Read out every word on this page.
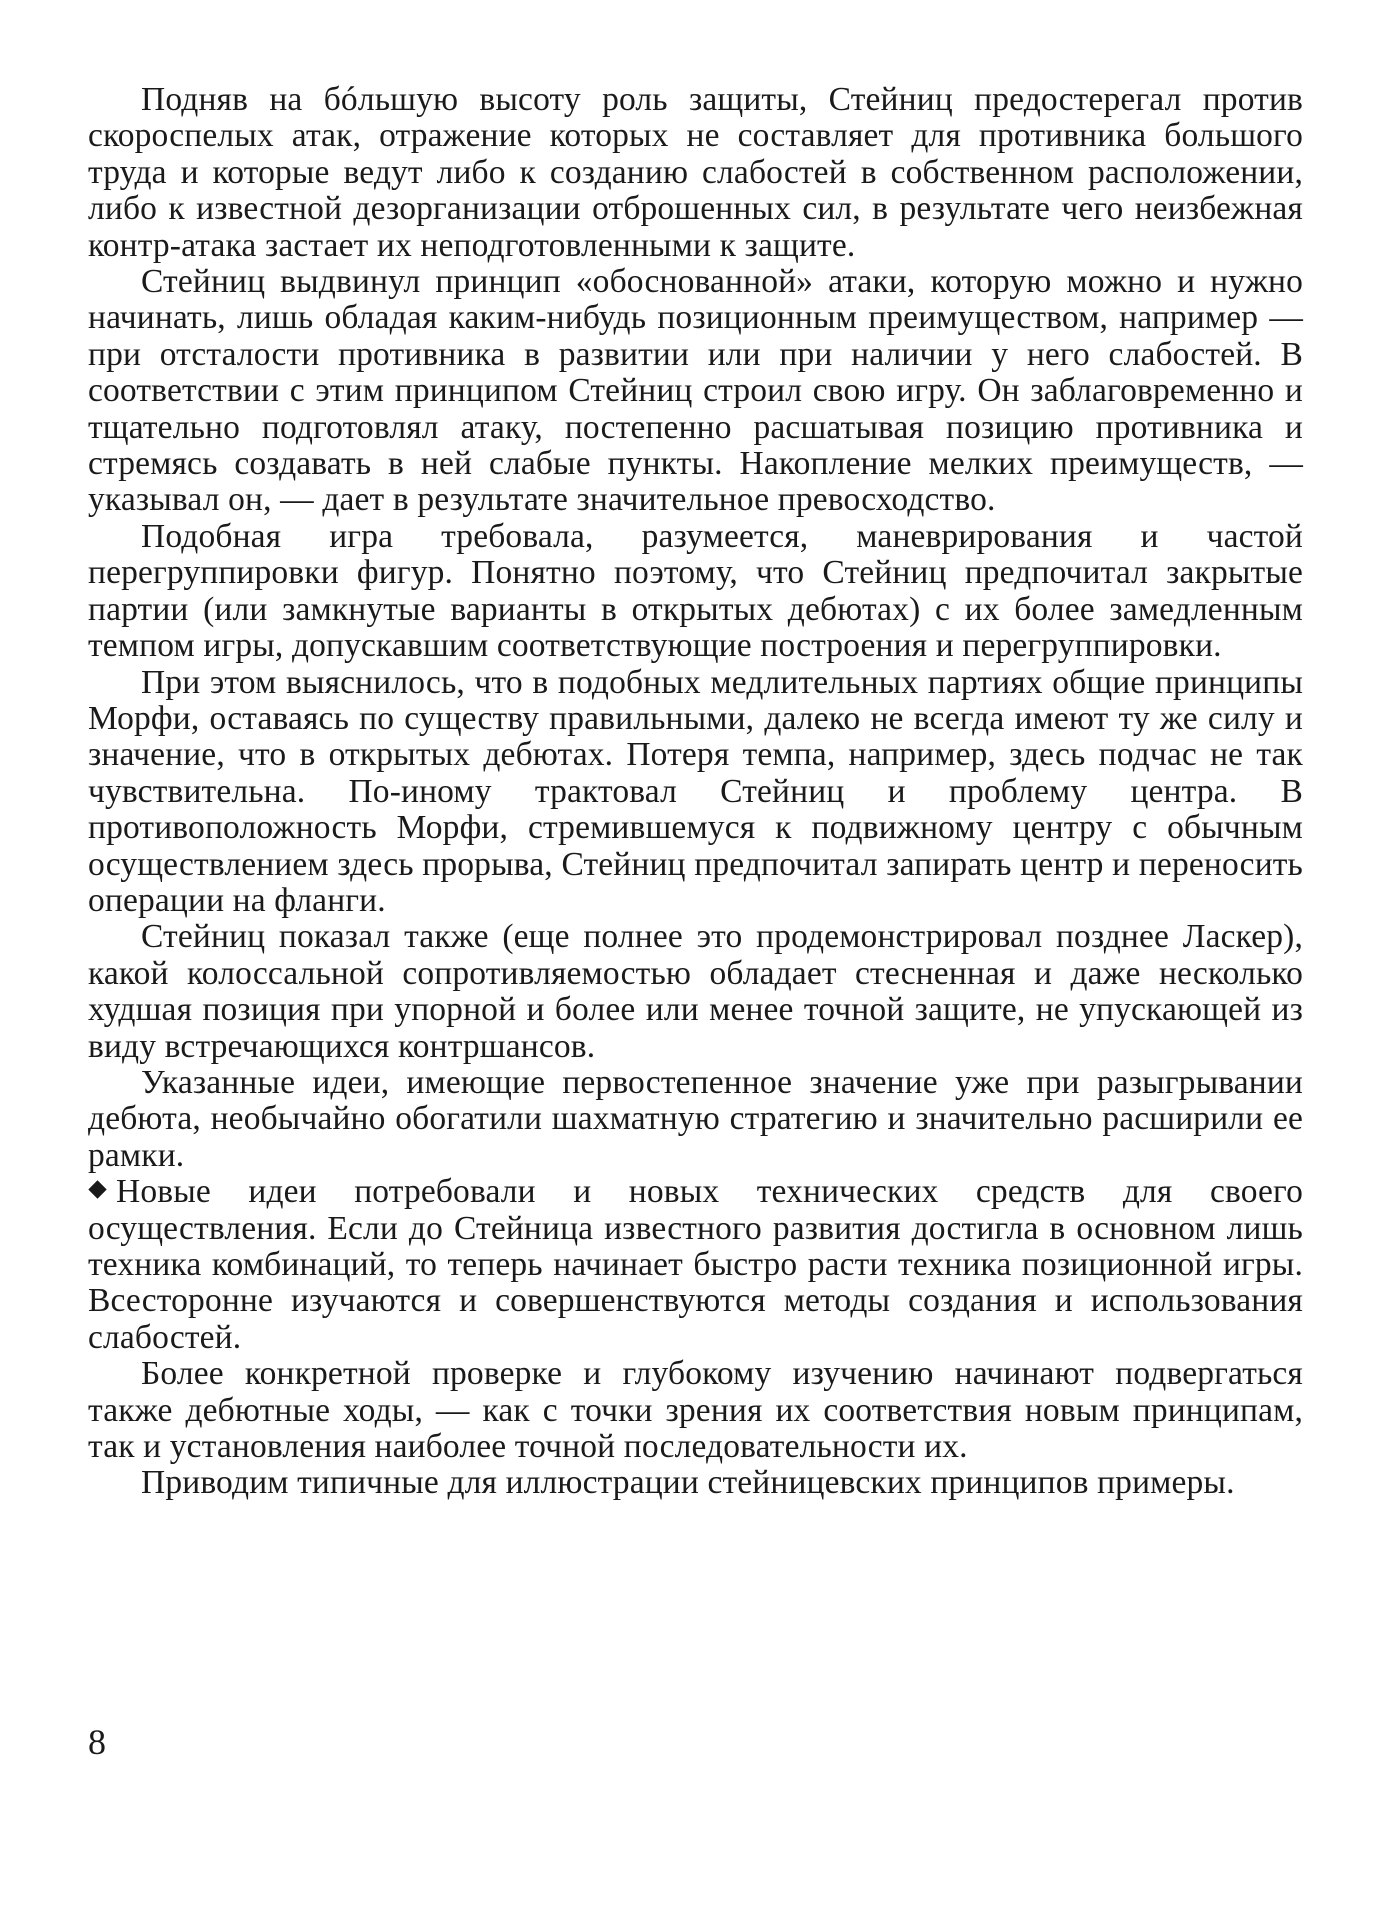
Подняв на бóльшую высоту роль защиты, Стейниц предостерегал против скороспелых атак, отражение которых не составляет для противника большого труда и которые ведут либо к созданию слабостей в собственном расположении, либо к известной дезорганизации отброшенных сил, в результате чего неизбежная контр-атака застает их неподготовленными к защите.

Стейниц выдвинул принцип «обоснованной» атаки, которую можно и нужно начинать, лишь обладая каким-нибудь позиционным преимуществом, например — при отсталости противника в развитии или при наличии у него слабостей. В соответствии с этим принципом Стейниц строил свою игру. Он заблаговременно и тщательно подготовлял атаку, постепенно расшатывая позицию противника и стремясь создавать в ней слабые пункты. Накопление мелких преимуществ, — указывал он, — дает в результате значительное превосходство.

Подобная игра требовала, разумеется, маневрирования и частой перегруппировки фигур. Понятно поэтому, что Стейниц предпочитал закрытые партии (или замкнутые варианты в открытых дебютах) с их более замедленным темпом игры, допускавшим соответствующие построения и перегруппировки.

При этом выяснилось, что в подобных медлительных партиях общие принципы Морфи, оставаясь по существу правильными, далеко не всегда имеют ту же силу и значение, что в открытых дебютах. Потеря темпа, например, здесь подчас не так чувствительна. По-иному трактовал Стейниц и проблему центра. В противоположность Морфи, стремившемуся к подвижному центру с обычным осуществлением здесь прорыва, Стейниц предпочитал запирать центр и переносить операции на фланги.

Стейниц показал также (еще полнее это продемонстрировал позднее Ласкер), какой колоссальной сопротивляемостью обладает стесненная и даже несколько худшая позиция при упорной и более или менее точной защите, не упускающей из виду встречающихся контршансов.

Указанные идеи, имеющие первостепенное значение уже при разыгрывании дебюта, необычайно обогатили шахматную стратегию и значительно расширили ее рамки.

Новые идеи потребовали и новых технических средств для своего осуществления. Если до Стейница известного развития достигла в основном лишь техника комбинаций, то теперь начинает быстро расти техника позиционной игры. Всесторонне изучаются и совершенствуются методы создания и использования слабостей.

Более конкретной проверке и глубокому изучению начинают подвергаться также дебютные ходы, — как с точки зрения их соответствия новым принципам, так и установления наиболее точной последовательности их.

Приводим типичные для иллюстрации стейницевских принципов примеры.

8
